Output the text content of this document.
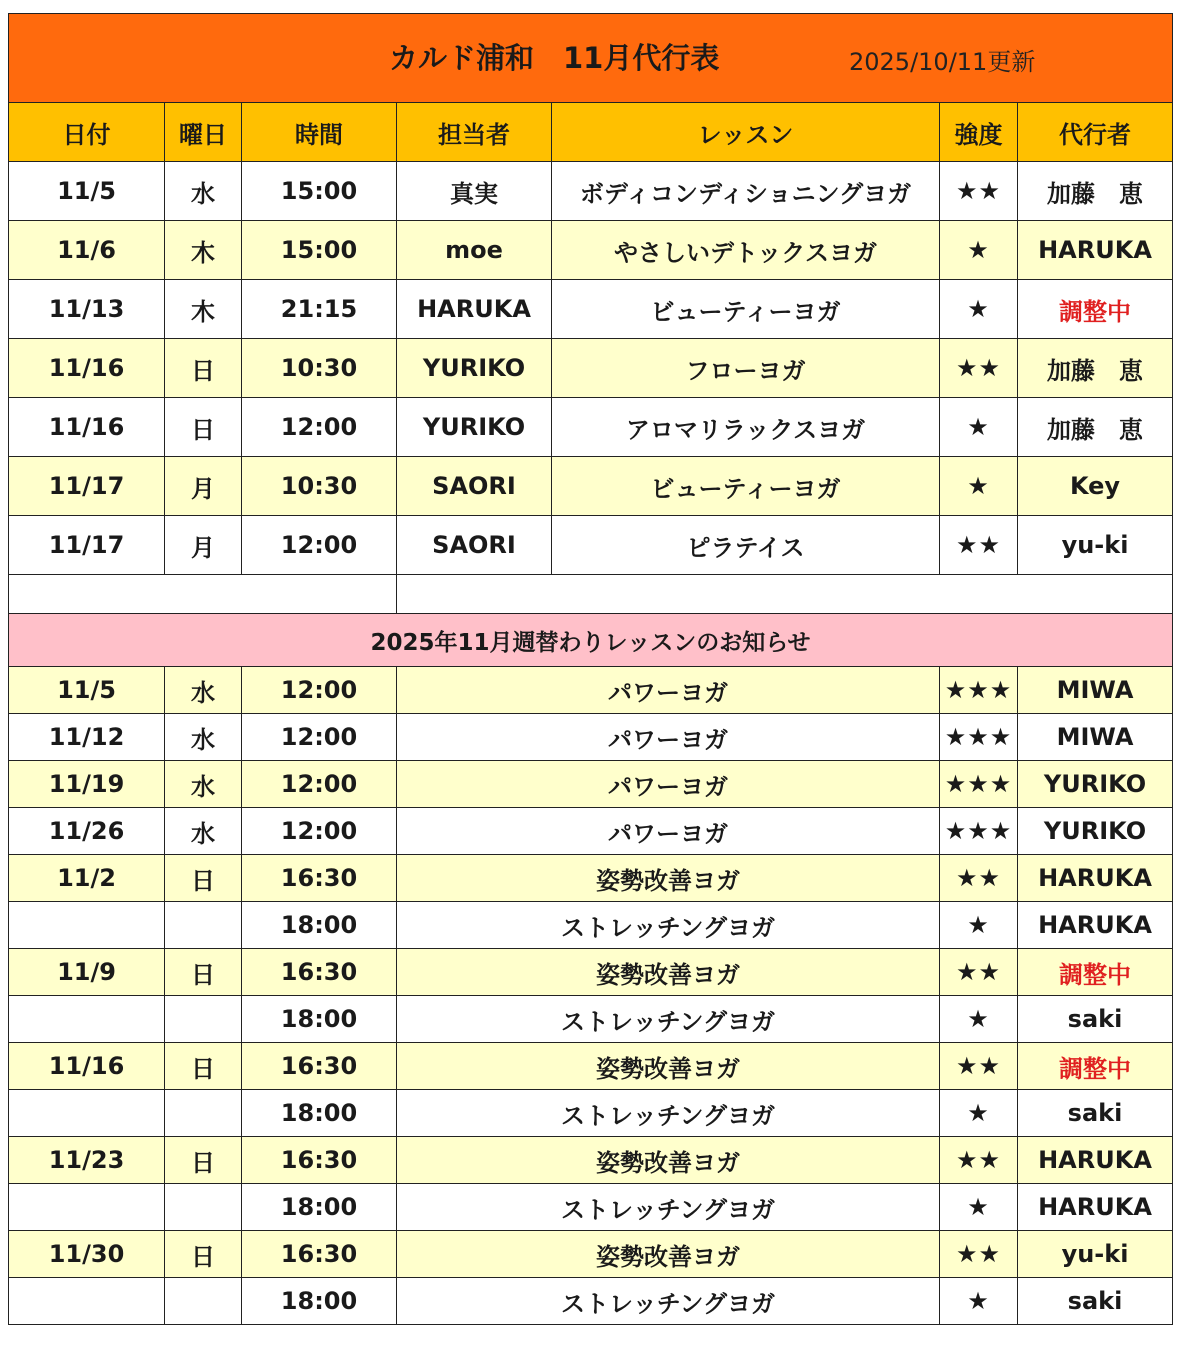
カルド浦和　11月代行表 2025/10/11更新						

日付	曜日	時間	担当者	レッスン	強度	代行者
11/5	水	15:00	真実	ボディコンディショニングヨガ	★★	加藤　恵
11/6	木	15:00	moe	やさしいデトックスヨガ	★	HARUKA
11/13	木	21:15	HARUKA	ビューティーヨガ	★	調整中
11/16	日	10:30	YURIKO	フローヨガ	★★	加藤　恵
11/16	日	12:00	YURIKO	アロマリラックスヨガ	★	加藤　恵
11/17	月	10:30	SAORI	ビューティーヨガ	★	Key
11/17	月	12:00	SAORI	ピラテイス	★★	yu-ki

2025年11月週替わりレッスンのお知らせ						
11/5	水	12:00	パワーヨガ		★★★	MIWA
11/12	水	12:00	パワーヨガ		★★★	MIWA
11/19	水	12:00	パワーヨガ		★★★	YURIKO
11/26	水	12:00	パワーヨガ		★★★	YURIKO
11/2	日	16:30	姿勢改善ヨガ		★★	HARUKA
		18:00	ストレッチングヨガ		★	HARUKA
11/9	日	16:30	姿勢改善ヨガ		★★	調整中
		18:00	ストレッチングヨガ		★	saki
11/16	日	16:30	姿勢改善ヨガ		★★	調整中
		18:00	ストレッチングヨガ		★	saki
11/23	日	16:30	姿勢改善ヨガ		★★	HARUKA
		18:00	ストレッチングヨガ		★	HARUKA
11/30	日	16:30	姿勢改善ヨガ		★★	yu-ki
		18:00	ストレッチングヨガ		★	saki
